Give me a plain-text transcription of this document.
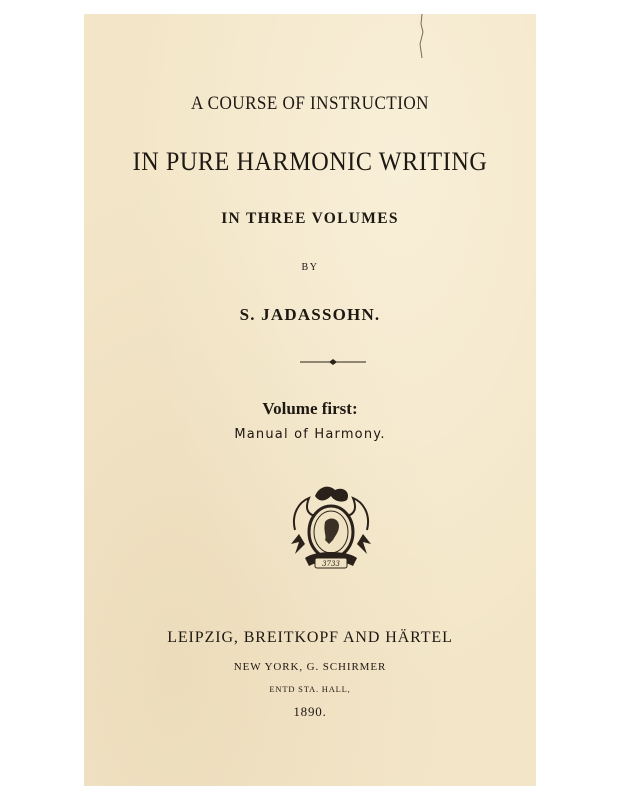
A COURSE OF INSTRUCTION
IN PURE HARMONIC WRITING
IN THREE VOLUMES
BY
S. JADASSOHN.
Volume first:
Manual of Harmony.
3733
LEIPZIG, BREITKOPF AND HÄRTEL
NEW YORK, G. SCHIRMER
ENTD STA. HALL,
1890.
